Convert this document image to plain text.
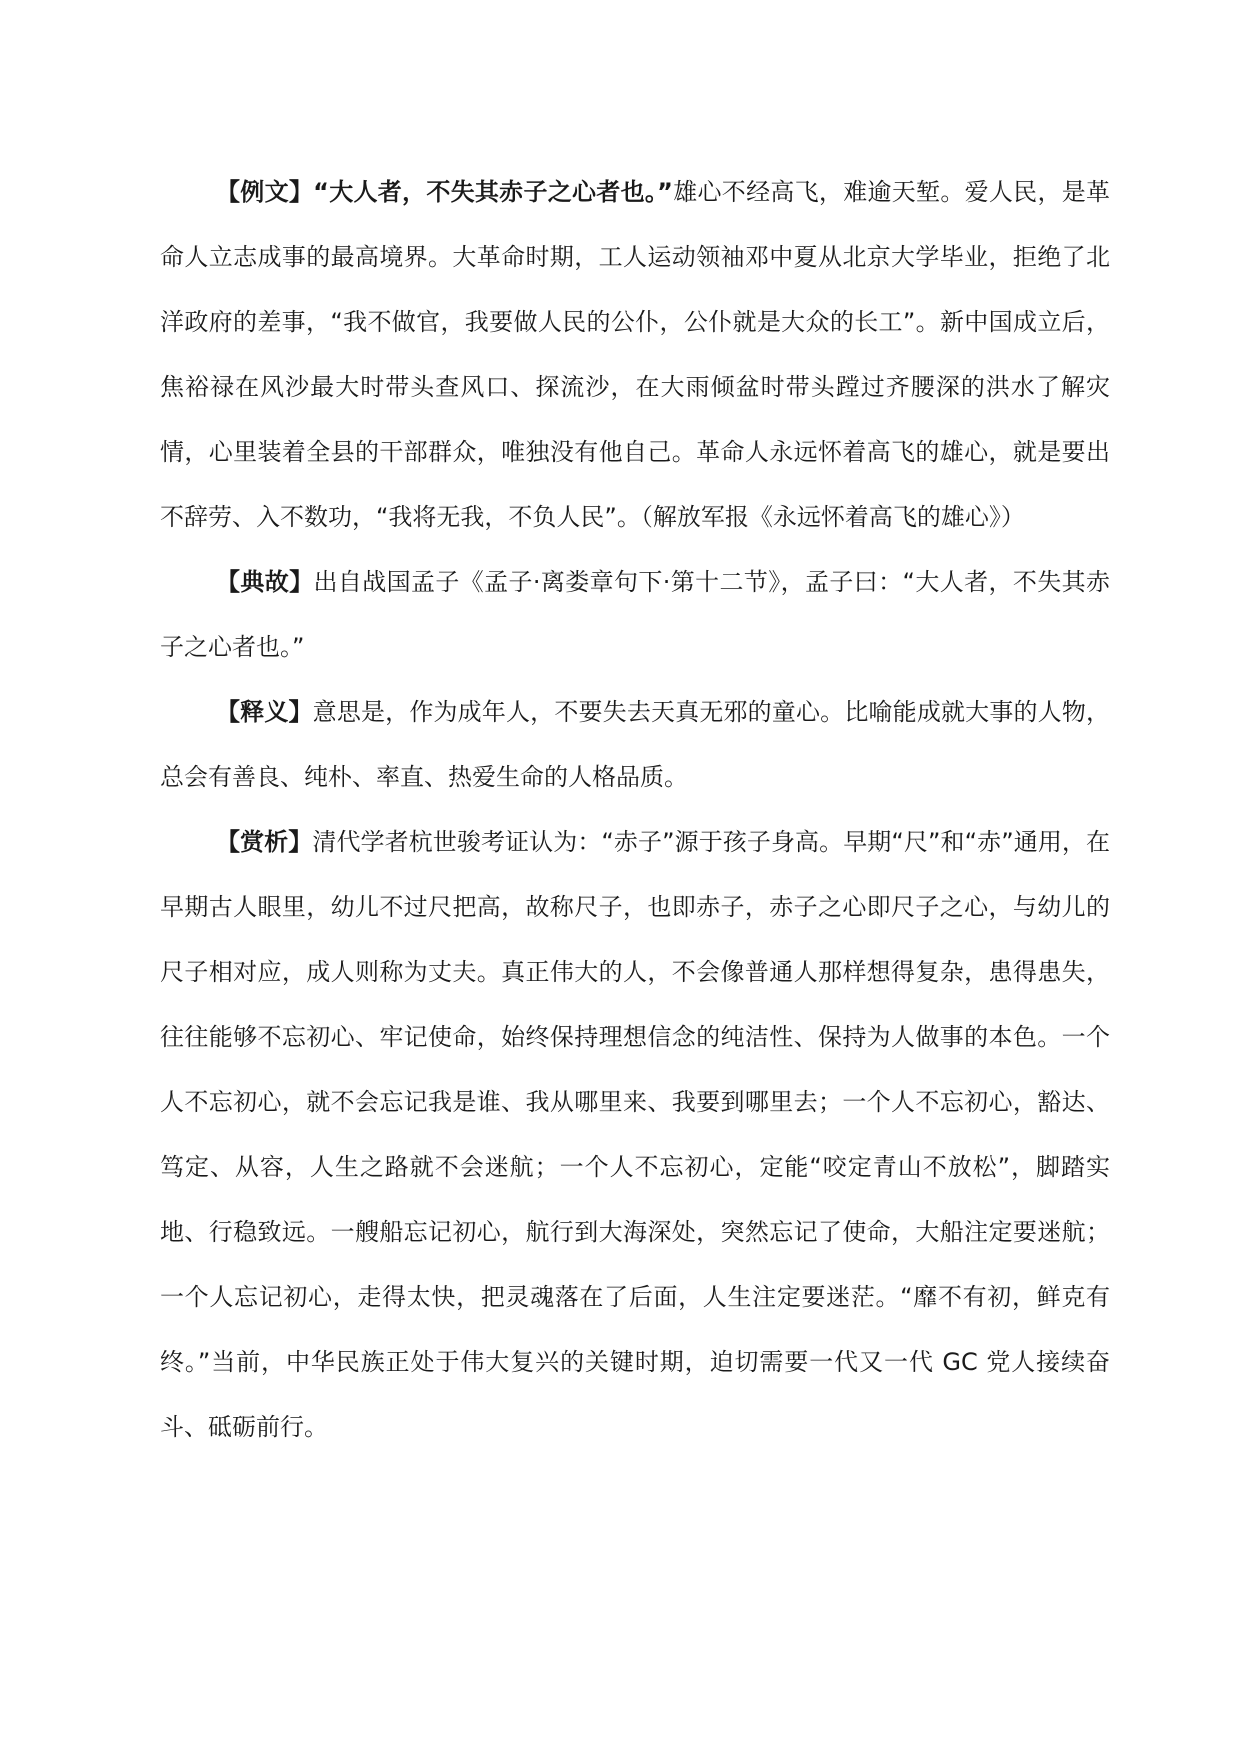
【例文】“大人者，不失其赤子之心者也。”雄心不经高飞，难逾天堑。爱人民，是革命人立志成事的最高境界。大革命时期，工人运动领袖邓中夏从北京大学毕业，拒绝了北洋政府的差事，“我不做官，我要做人民的公仆，公仆就是大众的长工”。新中国成立后，焦裕禄在风沙最大时带头查风口、探流沙，在大雨倾盆时带头蹚过齐腰深的洪水了解灾情，心里装着全县的干部群众，唯独没有他自己。革命人永远怀着高飞的雄心，就是要出不辞劳、入不数功，“我将无我，不负人民”。（解放军报《永远怀着高飞的雄心》）

【典故】出自战国孟子《孟子·离娄章句下·第十二节》，孟子曰：“大人者，不失其赤子之心者也。”

【释义】意思是，作为成年人，不要失去天真无邪的童心。比喻能成就大事的人物，总会有善良、纯朴、率直、热爱生命的人格品质。

【赏析】清代学者杭世骏考证认为：“赤子”源于孩子身高。早期“尺”和“赤”通用，在早期古人眼里，幼儿不过尺把高，故称尺子，也即赤子，赤子之心即尺子之心，与幼儿的尺子相对应，成人则称为丈夫。真正伟大的人，不会像普通人那样想得复杂，患得患失，往往能够不忘初心、牢记使命，始终保持理想信念的纯洁性、保持为人做事的本色。一个人不忘初心，就不会忘记我是谁、我从哪里来、我要到哪里去；一个人不忘初心，豁达、笃定、从容，人生之路就不会迷航；一个人不忘初心，定能“咬定青山不放松”，脚踏实地、行稳致远。一艘船忘记初心，航行到大海深处，突然忘记了使命，大船注定要迷航；一个人忘记初心，走得太快，把灵魂落在了后面，人生注定要迷茫。“靡不有初，鲜克有终。”当前，中华民族正处于伟大复兴的关键时期，迫切需要一代又一代 GC 党人接续奋斗、砥砺前行。
